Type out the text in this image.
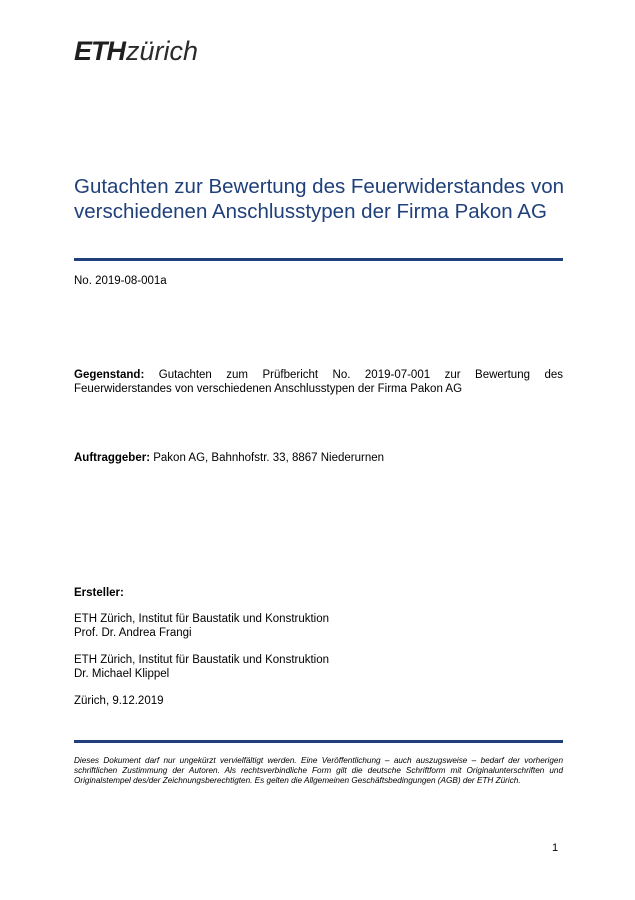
ETH zürich
Gutachten zur Bewertung des Feuerwiderstandes von verschiedenen Anschlusstypen der Firma Pakon AG
No. 2019-08-001a
Gegenstand: Gutachten zum Prüfbericht No. 2019-07-001 zur Bewertung des Feuerwiderstandes von verschiedenen Anschlusstypen der Firma Pakon AG
Auftraggeber: Pakon AG, Bahnhofstr. 33, 8867 Niederurnen
Ersteller:
ETH Zürich, Institut für Baustatik und Konstruktion
Prof. Dr. Andrea Frangi
ETH Zürich, Institut für Baustatik und Konstruktion
Dr. Michael Klippel
Zürich, 9.12.2019
Dieses Dokument darf nur ungekürzt vervielfältigt werden. Eine Veröffentlichung – auch auszugsweise – bedarf der vorherigen schriftlichen Zustimmung der Autoren. Als rechtsverbindliche Form gilt die deutsche Schriftform mit Originalunterschriften und Originalstempel des/der Zeichnungsberechtigten. Es gelten die Allgemeinen Geschäftsbedingungen (AGB) der ETH Zürich.
1
